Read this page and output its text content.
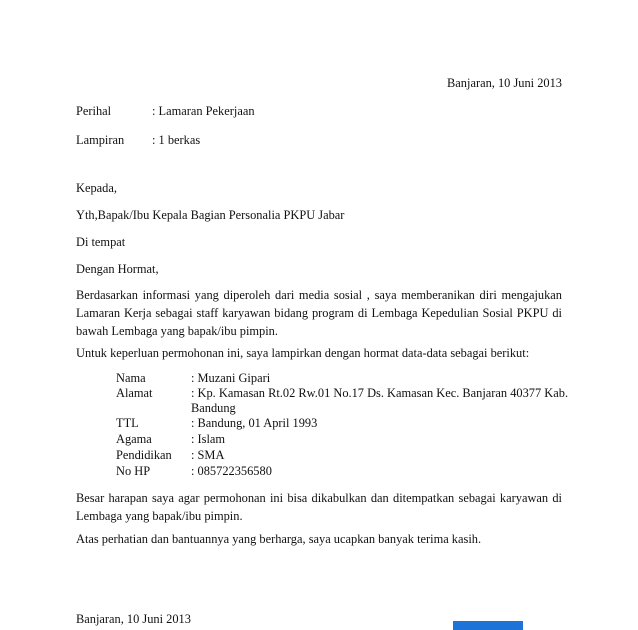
Banjaran, 10 Juni 2013
Perihal	: Lamaran Pekerjaan
Lampiran : 1 berkas
Kepada,
Yth,Bapak/Ibu Kepala Bagian Personalia PKPU Jabar
Di tempat
Dengan Hormat,

Berdasarkan informasi yang diperoleh dari media sosial , saya memberanikan diri mengajukan Lamaran Kerja sebagai staff karyawan bidang program di Lembaga Kepedulian Sosial PKPU di bawah Lembaga yang bapak/ibu pimpin.

Untuk keperluan permohonan ini, saya lampirkan dengan hormat data-data sebagai berikut:

Nama	: Muzani Gipari
Alamat	: Kp. Kamasan Rt.02 Rw.01 No.17 Ds. Kamasan Kec. Banjaran 40377 Kab. Bandung
TTL	: Bandung, 01 April 1993
Agama	: Islam
Pendidikan : SMA
No HP	: 085722356580

Besar harapan saya agar permohonan ini bisa dikabulkan dan ditempatkan sebagai karyawan di Lembaga yang bapak/ibu pimpin.

Atas perhatian dan bantuannya yang berharga, saya ucapkan banyak terima kasih.

Banjaran, 10 Juni 2013
